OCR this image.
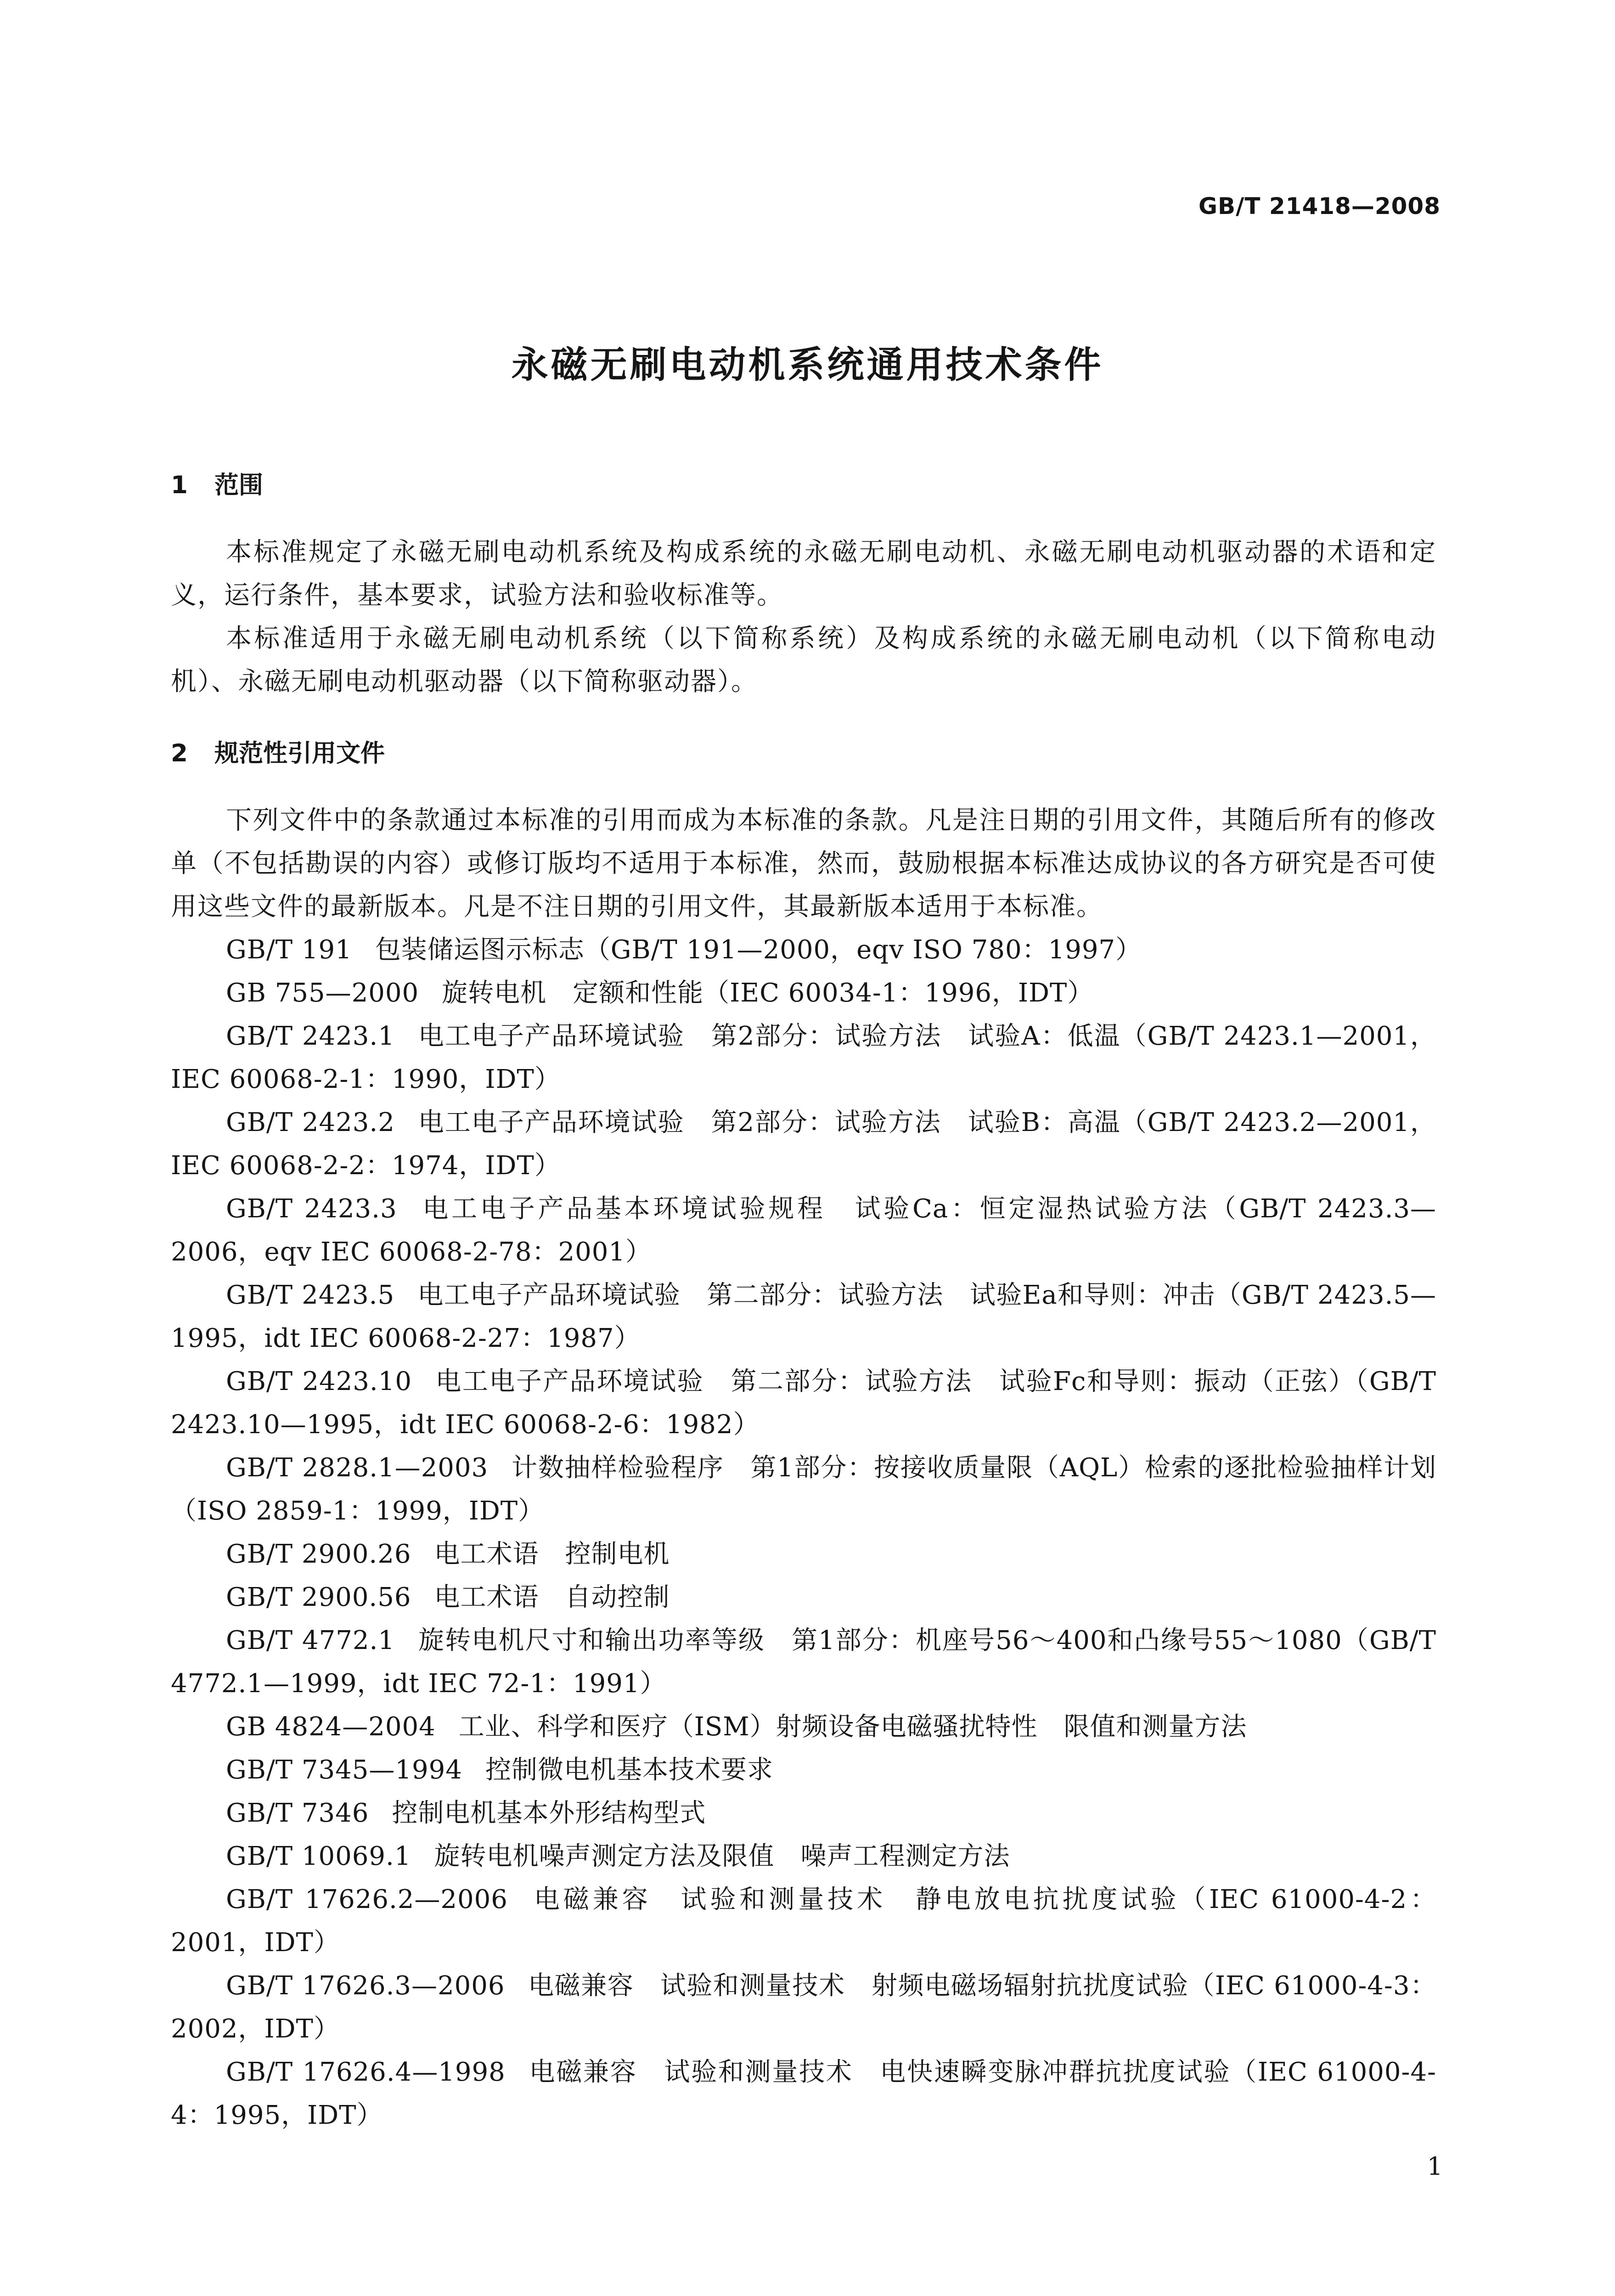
GB/T 21418—2008
永磁无刷电动机系统通用技术条件
1 范围

本标准规定了永磁无刷电动机系统及构成系统的永磁无刷电动机、永磁无刷电动机驱动器的术语和定义，运行条件，基本要求，试验方法和验收标准等。

本标准适用于永磁无刷电动机系统（以下简称系统）及构成系统的永磁无刷电动机（以下简称电动机）、永磁无刷电动机驱动器（以下简称驱动器）。

2 规范性引用文件

下列文件中的条款通过本标准的引用而成为本标准的条款。凡是注日期的引用文件，其随后所有的修改单（不包括勘误的内容）或修订版均不适用于本标准，然而，鼓励根据本标准达成协议的各方研究是否可使用这些文件的最新版本。凡是不注日期的引用文件，其最新版本适用于本标准。

GB/T 191 包装储运图示标志（GB/T 191—2000，eqv ISO 780：1997）

GB 755—2000 旋转电机　定额和性能（IEC 60034-1：1996，IDT）

GB/T 2423.1 电工电子产品环境试验　第2部分：试验方法　试验A：低温（GB/T 2423.1—2001，IEC 60068-2-1：1990，IDT）

GB/T 2423.2 电工电子产品环境试验　第2部分：试验方法　试验B：高温（GB/T 2423.2—2001，IEC 60068-2-2：1974，IDT）

GB/T 2423.3 电工电子产品基本环境试验规程　试验Ca：恒定湿热试验方法（GB/T 2423.3—2006，eqv IEC 60068-2-78：2001）

GB/T 2423.5 电工电子产品环境试验　第二部分：试验方法　试验Ea和导则：冲击（GB/T 2423.5—1995，idt IEC 60068-2-27：1987）

GB/T 2423.10 电工电子产品环境试验　第二部分：试验方法　试验Fc和导则：振动（正弦）（GB/T 2423.10—1995，idt IEC 60068-2-6：1982）

GB/T 2828.1—2003 计数抽样检验程序　第1部分：按接收质量限（AQL）检索的逐批检验抽样计划（ISO 2859-1：1999，IDT）

GB/T 2900.26 电工术语　控制电机

GB/T 2900.56 电工术语　自动控制

GB/T 4772.1 旋转电机尺寸和输出功率等级　第1部分：机座号56～400和凸缘号55～1080（GB/T 4772.1—1999，idt IEC 72-1：1991）

GB 4824—2004 工业、科学和医疗（ISM）射频设备电磁骚扰特性　限值和测量方法

GB/T 7345—1994 控制微电机基本技术要求

GB/T 7346 控制电机基本外形结构型式

GB/T 10069.1 旋转电机噪声测定方法及限值　噪声工程测定方法

GB/T 17626.2—2006 电磁兼容　试验和测量技术　静电放电抗扰度试验（IEC 61000-4-2：2001，IDT）

GB/T 17626.3—2006 电磁兼容　试验和测量技术　射频电磁场辐射抗扰度试验（IEC 61000-4-3：2002，IDT）

GB/T 17626.4—1998 电磁兼容　试验和测量技术　电快速瞬变脉冲群抗扰度试验（IEC 61000-4-4：1995，IDT）

1
